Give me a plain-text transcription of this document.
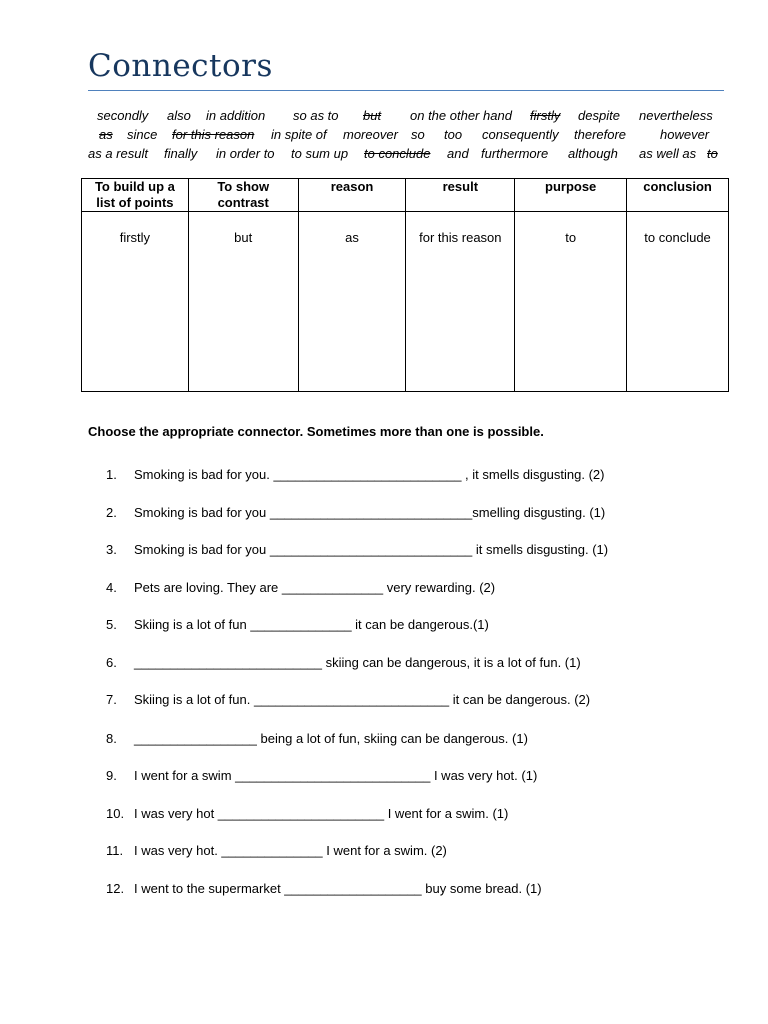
Connectors
secondly also in addition so as to but on the other hand firstly despite nevertheless
as since for this reason in spite of moreover so too consequently therefore	however
as a result finally in order to to sum up to conclude and furthermore although as well as to
To build up a list of points	To show contrast	reason	result	purpose	conclusion
firstly	but	as	for this reason	to	to conclude
Choose the appropriate connector. Sometimes more than one is possible.
1. Smoking is bad for you. __________________________ , it smells disgusting. (2)
2. Smoking is bad for you ____________________________smelling disgusting. (1)
3. Smoking is bad for you ____________________________ it smells disgusting. (1)
4. Pets are loving. They are ______________ very rewarding. (2)
5. Skiing is a lot of fun ______________ it can be dangerous.(1)
6. __________________________ skiing can be dangerous, it is a lot of fun. (1)
7. Skiing is a lot of fun. ___________________________ it can be dangerous. (2)
8. _________________ being a lot of fun, skiing can be dangerous. (1)
9. I went for a swim ___________________________ I was very hot. (1)
10. I was very hot _______________________ I went for a swim. (1)
11. I was very hot. ______________ I went for a swim. (2)
12. I went to the supermarket ___________________ buy some bread. (1)
